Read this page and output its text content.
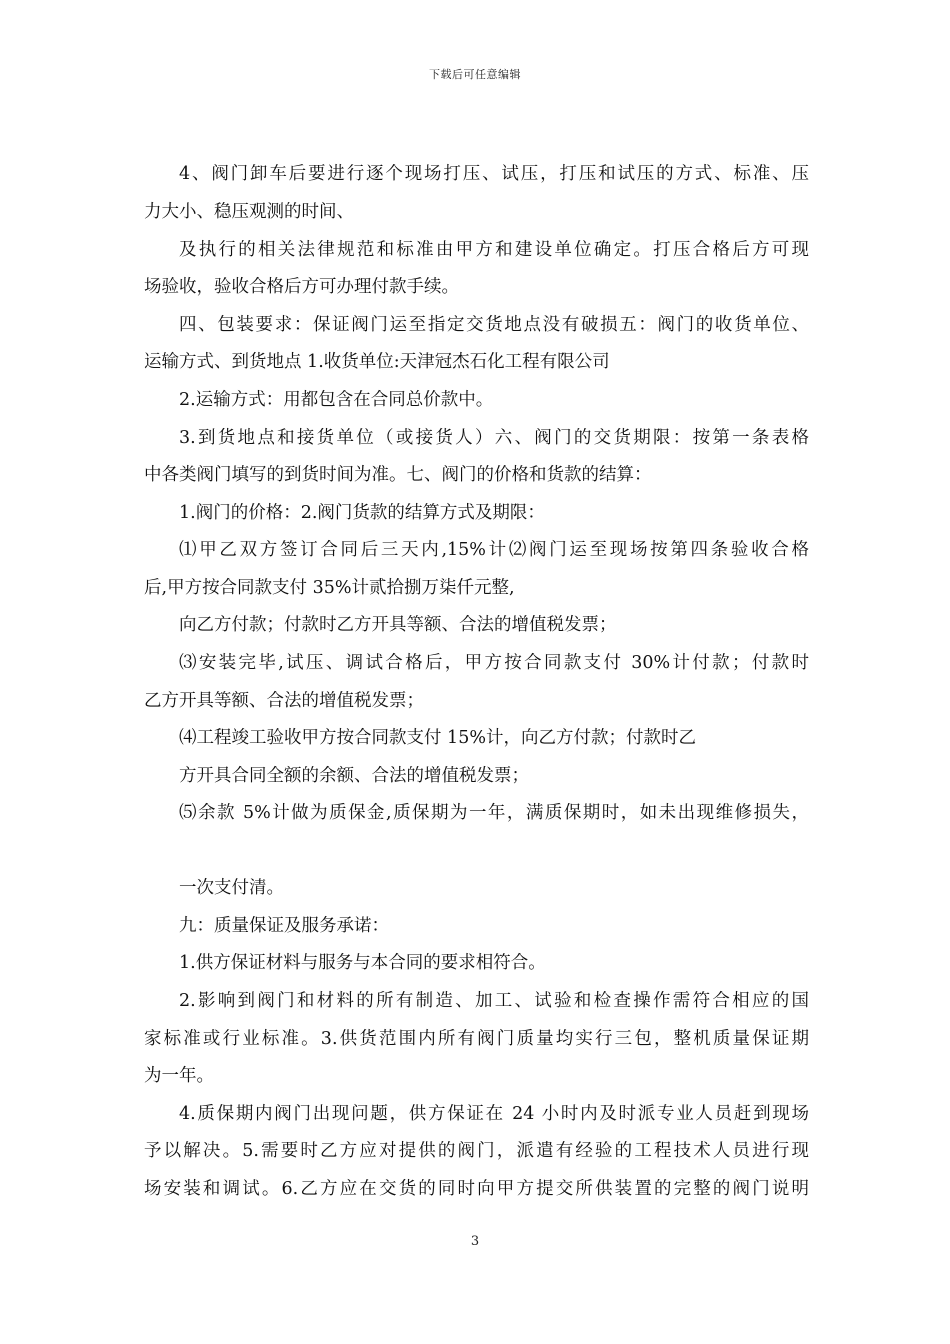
下载后可任意编辑
4、阀门卸车后要进行逐个现场打压、试压，打压和试压的方式、标准、压
力大小、稳压观测的时间、
及执行的相关法律规范和标准由甲方和建设单位确定。打压合格后方可现
场验收，验收合格后方可办理付款手续。
四、包装要求：保证阀门运至指定交货地点没有破损五：阀门的收货单位、
运输方式、到货地点 1.收货单位:天津冠杰石化工程有限公司
2.运输方式：用都包含在合同总价款中。
3.到货地点和接货单位（或接货人）六、阀门的交货期限：按第一条表格
中各类阀门填写的到货时间为准。七、阀门的价格和货款的结算：
1.阀门的价格：2.阀门货款的结算方式及期限：
⑴甲乙双方签订合同后三天内,15%计⑵阀门运至现场按第四条验收合格
后,甲方按合同款支付 35%计贰拾捌万柒仟元整,
向乙方付款；付款时乙方开具等额、合法的增值税发票；
⑶安装完毕,试压、调试合格后，甲方按合同款支付 30%计付款；付款时
乙方开具等额、合法的增值税发票；
⑷工程竣工验收甲方按合同款支付 15%计，向乙方付款；付款时乙
方开具合同全额的余额、合法的增值税发票；
⑸余款 5%计做为质保金,质保期为一年，满质保期时，如未出现维修损失，
一次支付清。
九：质量保证及服务承诺：
1.供方保证材料与服务与本合同的要求相符合。
2.影响到阀门和材料的所有制造、加工、试验和检查操作需符合相应的国
家标准或行业标准。3.供货范围内所有阀门质量均实行三包，整机质量保证期
为一年。
4.质保期内阀门出现问题，供方保证在 24 小时内及时派专业人员赶到现场
予以解决。5.需要时乙方应对提供的阀门，派遣有经验的工程技术人员进行现
场安装和调试。6.乙方应在交货的同时向甲方提交所供装置的完整的阀门说明
3
